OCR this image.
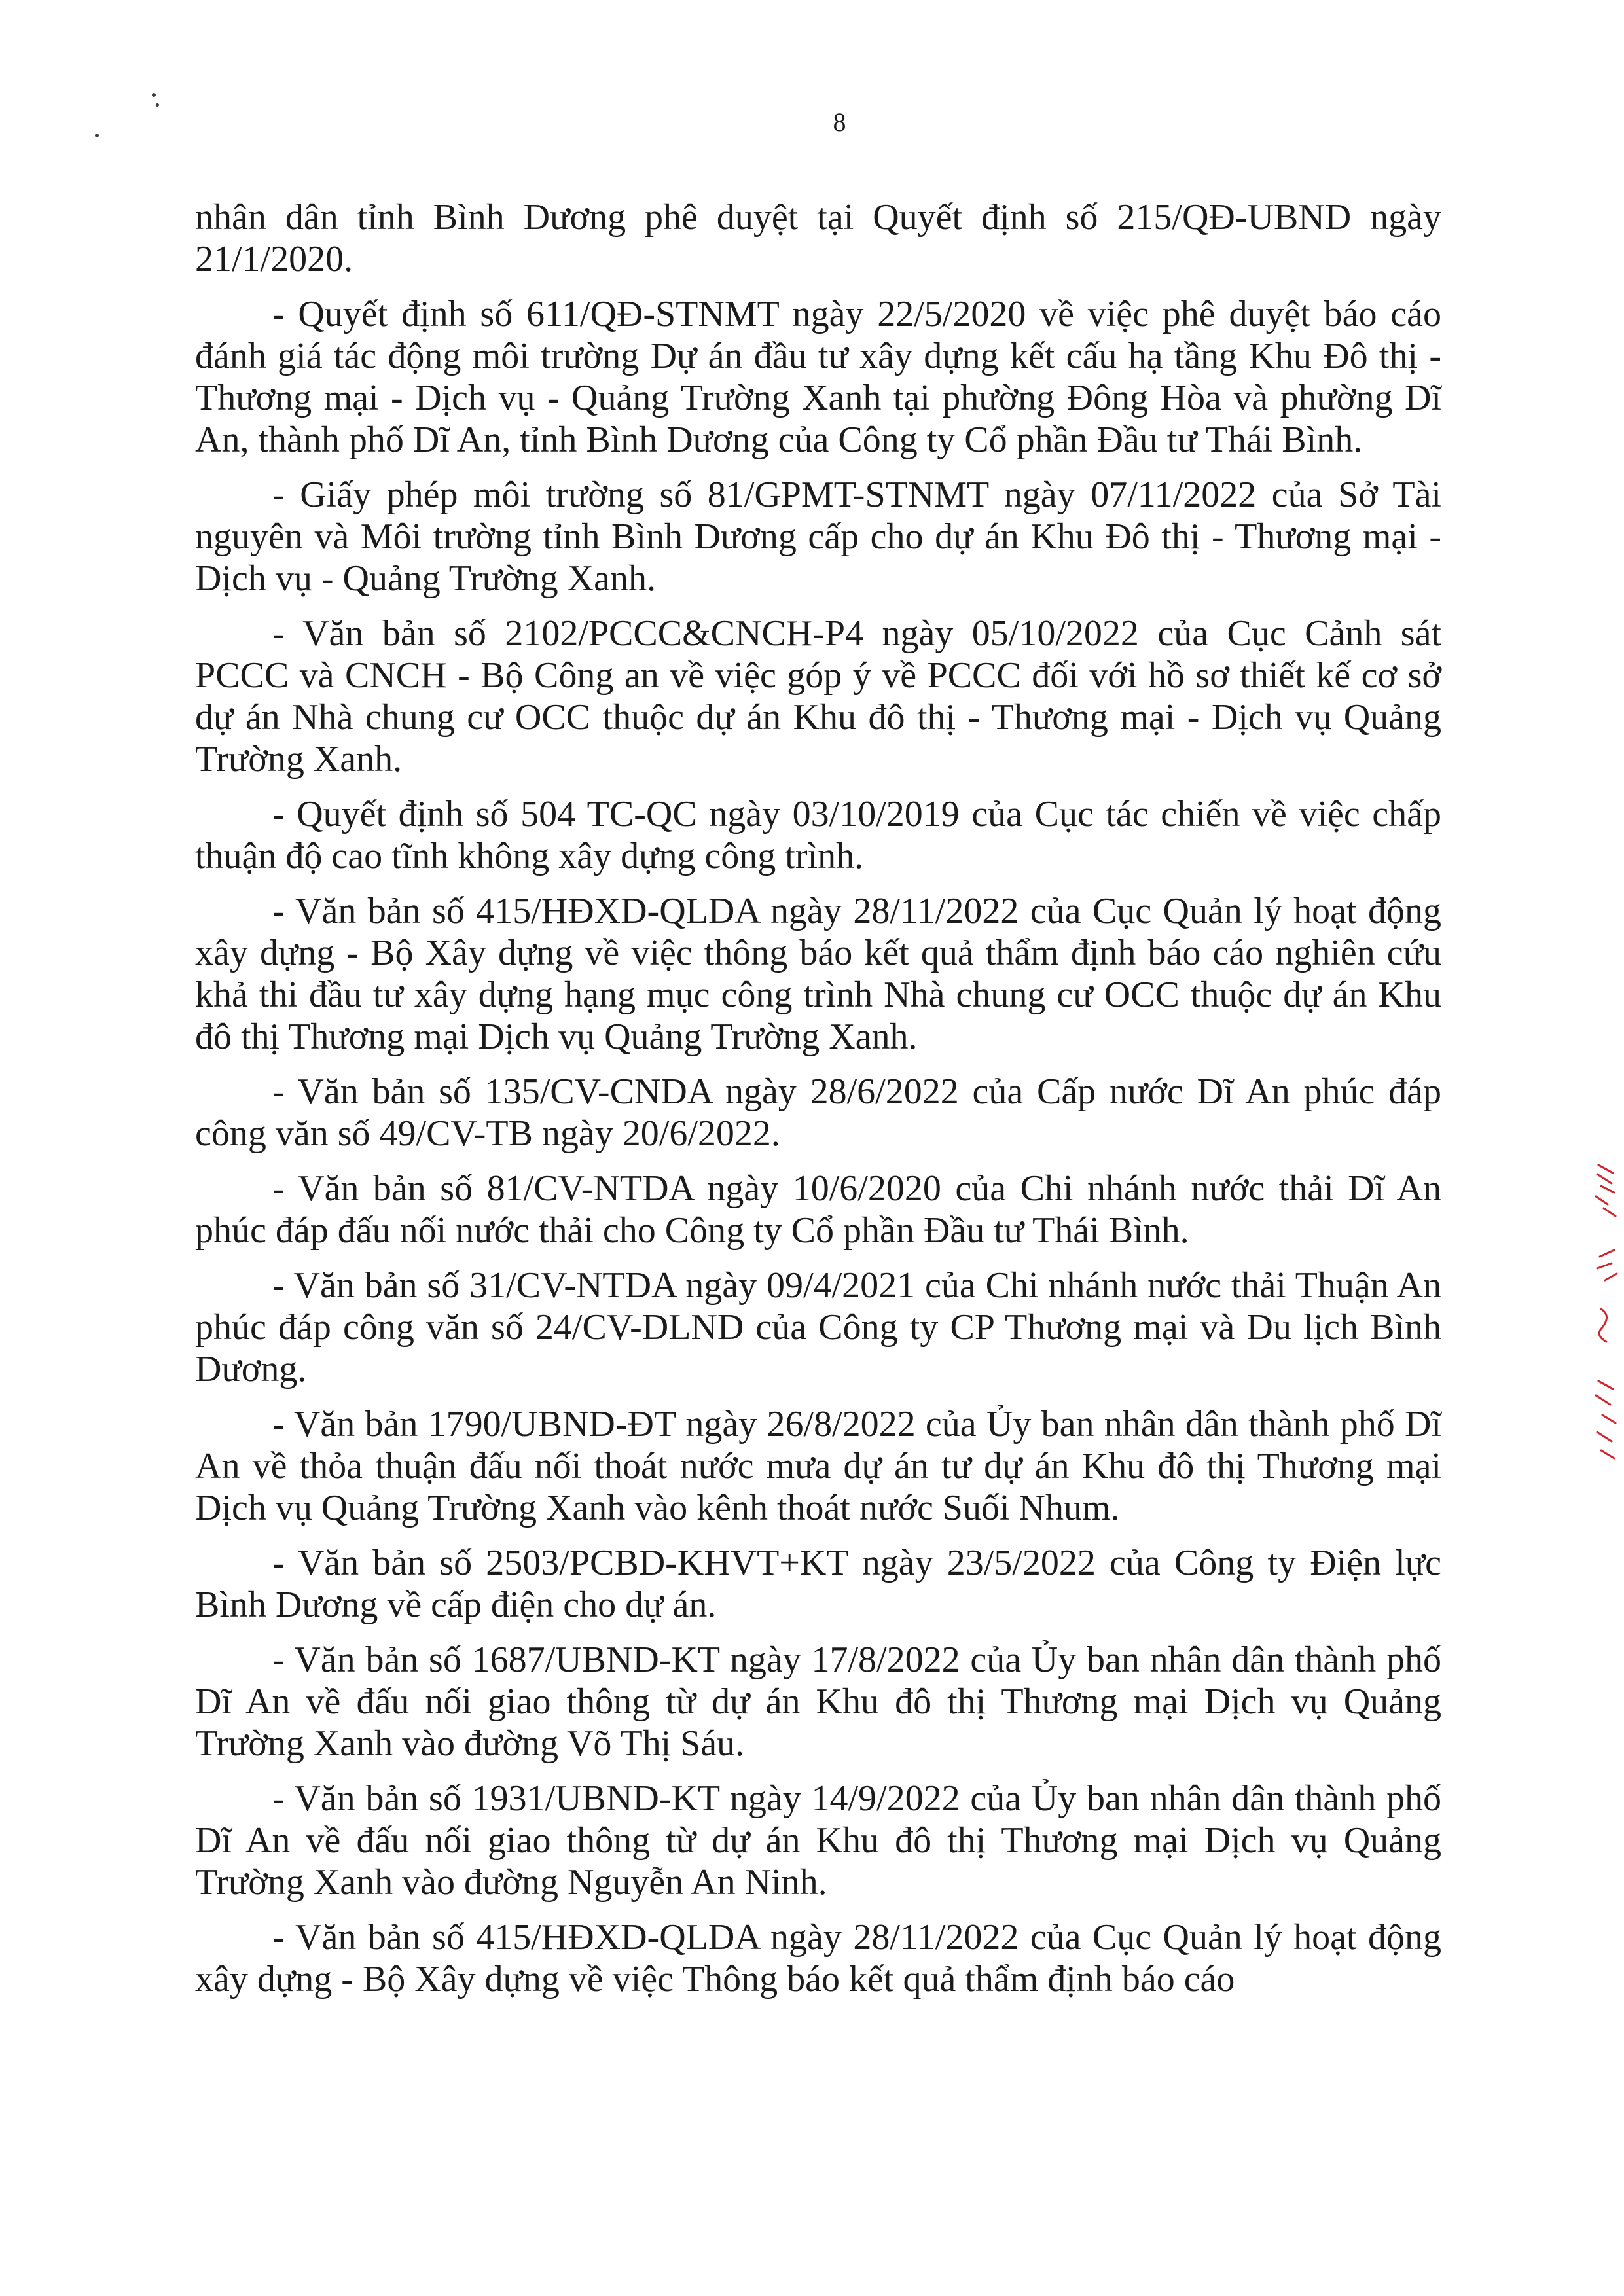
8

nhân dân tỉnh Bình Dương phê duyệt tại Quyết định số 215/QĐ-UBND ngày 21/1/2020.

- Quyết định số 611/QĐ-STNMT ngày 22/5/2020 về việc phê duyệt báo cáo đánh giá tác động môi trường Dự án đầu tư xây dựng kết cấu hạ tầng Khu Đô thị - Thương mại - Dịch vụ - Quảng Trường Xanh tại phường Đông Hòa và phường Dĩ An, thành phố Dĩ An, tỉnh Bình Dương của Công ty Cổ phần Đầu tư Thái Bình.

- Giấy phép môi trường số 81/GPMT-STNMT ngày 07/11/2022 của Sở Tài nguyên và Môi trường tỉnh Bình Dương cấp cho dự án Khu Đô thị - Thương mại - Dịch vụ - Quảng Trường Xanh.

- Văn bản số 2102/PCCC&CNCH-P4 ngày 05/10/2022 của Cục Cảnh sát PCCC và CNCH - Bộ Công an về việc góp ý về PCCC đối với hồ sơ thiết kế cơ sở dự án Nhà chung cư OCC thuộc dự án Khu đô thị - Thương mại - Dịch vụ Quảng Trường Xanh.

- Quyết định số 504 TC-QC ngày 03/10/2019 của Cục tác chiến về việc chấp thuận độ cao tĩnh không xây dựng công trình.

- Văn bản số 415/HĐXD-QLDA ngày 28/11/2022 của Cục Quản lý hoạt động xây dựng - Bộ Xây dựng về việc thông báo kết quả thẩm định báo cáo nghiên cứu khả thi đầu tư xây dựng hạng mục công trình Nhà chung cư OCC thuộc dự án Khu đô thị Thương mại Dịch vụ Quảng Trường Xanh.

- Văn bản số 135/CV-CNDA ngày 28/6/2022 của Cấp nước Dĩ An phúc đáp công văn số 49/CV-TB ngày 20/6/2022.

- Văn bản số 81/CV-NTDA ngày 10/6/2020 của Chi nhánh nước thải Dĩ An phúc đáp đấu nối nước thải cho Công ty Cổ phần Đầu tư Thái Bình.

- Văn bản số 31/CV-NTDA ngày 09/4/2021 của Chi nhánh nước thải Thuận An phúc đáp công văn số 24/CV-DLND của Công ty CP Thương mại và Du lịch Bình Dương.

- Văn bản 1790/UBND-ĐT ngày 26/8/2022 của Ủy ban nhân dân thành phố Dĩ An về thỏa thuận đấu nối thoát nước mưa dự án tư dự án Khu đô thị Thương mại Dịch vụ Quảng Trường Xanh vào kênh thoát nước Suối Nhum.

- Văn bản số 2503/PCBD-KHVT+KT ngày 23/5/2022 của Công ty Điện lực Bình Dương về cấp điện cho dự án.

- Văn bản số 1687/UBND-KT ngày 17/8/2022 của Ủy ban nhân dân thành phố Dĩ An về đấu nối giao thông từ dự án Khu đô thị Thương mại Dịch vụ Quảng Trường Xanh vào đường Võ Thị Sáu.

- Văn bản số 1931/UBND-KT ngày 14/9/2022 của Ủy ban nhân dân thành phố Dĩ An về đấu nối giao thông từ dự án Khu đô thị Thương mại Dịch vụ Quảng Trường Xanh vào đường Nguyễn An Ninh.

- Văn bản số 415/HĐXD-QLDA ngày 28/11/2022 của Cục Quản lý hoạt động xây dựng - Bộ Xây dựng về việc Thông báo kết quả thẩm định báo cáo
